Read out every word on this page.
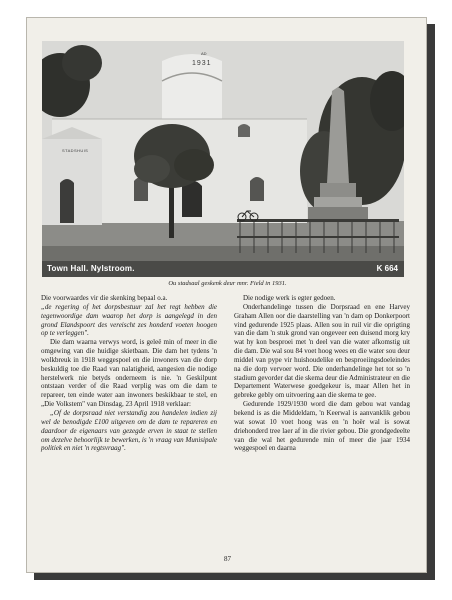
AD
1931
STADSHUIS
Town Hall. Nylstroom.	K 664
Ou stadsaal geskenk deur mnr. Field in 1931.

Die voorwaardes vir die skenking bepaal o.a.

„de regering of het dorpsbestuur zal het regt hebben die tegenwoordige dam waarop het dorp is aangelegd in den grond Elandspoort des vereischt zes honderd voeten hoogen op te verleggen".

Die dam waarna verwys word, is geleë min of meer in die omgewing van die huidige skietbaan. Die dam het tydens 'n wolkbreuk in 1918 weggespoel en die inwoners van die dorp beskuldig toe die Raad van nalatigheid, aangesien die nodige herstelwerk nie betyds onderneem is nie. 'n Geskilpunt ontstaan verder of die Raad verplig was om die dam te repareer, ten einde water aan inwoners beskikbaar te stel, en „Die Volkstem" van Dinsdag, 23 April 1918 verklaar:

„Of de dorpsraad niet verstandig zou handelen indien zij wel de benodigde £100 uitgeven om de dam te repareren en daardoor de eigenaars van gezegde erven in staat te stellen om dezelve behoorlijk te bewerken, is 'n vraag van Munisipale politiek en niet 'n regtsvraag".

Die nodige werk is egter gedoen.

Onderhandelinge tussen die Dorpsraad en ene Harvey Graham Allen oor die daarstelling van 'n dam op Donkerpoort vind gedurende 1925 plaas. Allen sou in ruil vir die oprigting van die dam 'n stuk grond van ongeveer een duisend morg kry wat hy kon besproei met 'n deel van die water afkomstig uit die dam. Die wal sou 84 voet hoog wees en die water sou deur middel van pype vir huishoudelike en besproeiingsdoeleindes na die dorp vervoer word. Die onderhandelinge het tot so 'n stadium gevorder dat die skema deur die Administrateur en die Departement Waterwese goedgekeur is, maar Allen het in gebreke gebly om uitvoering aan die skema te gee.

Gedurende 1929/1930 word die dam gebou wat vandag bekend is as die Middeldam, 'n Keerwal is aanvanklik gebou wat sowat 10 voet hoog was en 'n hoër wal is sowat driehonderd tree laer af in die rivier gebou. Die grondgedeelte van die wal het gedurende min of meer die jaar 1934 weggespoel en daarna

87
